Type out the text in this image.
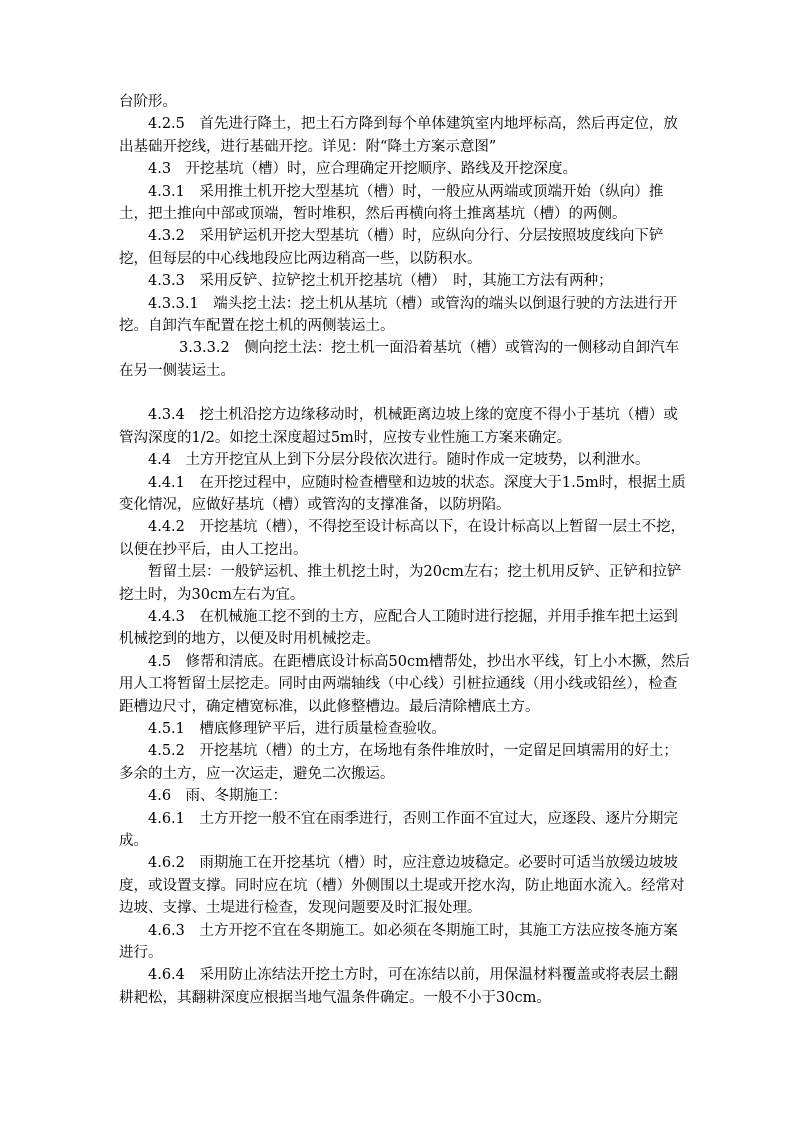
台阶形。

4.2.5　首先进行降土，把土石方降到每个单体建筑室内地坪标高，然后再定位，放出基础开挖线，进行基础开挖。详见：附“降土方案示意图”

4.3　开挖基坑（槽）时，应合理确定开挖顺序、路线及开挖深度。

4.3.1　采用推土机开挖大型基坑（槽）时，一般应从两端或顶端开始（纵向）推土，把土推向中部或顶端，暂时堆积，然后再横向将土推离基坑（槽）的两侧。

4.3.2　采用铲运机开挖大型基坑（槽）时，应纵向分行、分层按照坡度线向下铲挖，但每层的中心线地段应比两边稍高一些，以防积水。

4.3.3　采用反铲、拉铲挖土机开挖基坑（槽）　时，其施工方法有两种；

4.3.3.1　端头挖土法：挖土机从基坑（槽）或管沟的端头以倒退行驶的方法进行开挖。自卸汽车配置在挖土机的两侧装运土。

3.3.3.2　侧向挖土法：挖土机一面沿着基坑（槽）或管沟的一侧移动自卸汽车在另一侧装运土。

4.3.4　挖土机沿挖方边缘移动时，机械距离边坡上缘的宽度不得小于基坑（槽）或管沟深度的1/2。如挖土深度超过5m时，应按专业性施工方案来确定。

4.4　土方开挖宜从上到下分层分段依次进行。随时作成一定坡势，以利泄水。

4.4.1　在开挖过程中，应随时检查槽壁和边坡的状态。深度大于1.5m时，根据土质变化情况，应做好基坑（槽）或管沟的支撑准备，以防坍陷。

4.4.2　开挖基坑（槽），不得挖至设计标高以下，在设计标高以上暂留一层土不挖，以便在抄平后，由人工挖出。

暂留土层：一般铲运机、推土机挖土时，为20cm左右；挖土机用反铲、正铲和拉铲挖土时，为30cm左右为宜。

4.4.3　在机械施工挖不到的土方，应配合人工随时进行挖掘，并用手推车把土运到机械挖到的地方，以便及时用机械挖走。

4.5　修帮和清底。在距槽底设计标高50cm槽帮处，抄出水平线，钉上小木撅，然后用人工将暂留土层挖走。同时由两端轴线（中心线）引桩拉通线（用小线或铅丝），检查距槽边尺寸，确定槽宽标准，以此修整槽边。最后清除槽底土方。

4.5.1　槽底修理铲平后，进行质量检查验收。

4.5.2　开挖基坑（槽）的土方，在场地有条件堆放时，一定留足回填需用的好土；多余的土方，应一次运走，避免二次搬运。

4.6　雨、冬期施工：

4.6.1　土方开挖一般不宜在雨季进行，否则工作面不宜过大，应逐段、逐片分期完成。

4.6.2　雨期施工在开挖基坑（槽）时，应注意边坡稳定。必要时可适当放缓边坡坡度，或设置支撑。同时应在坑（槽）外侧围以土堤或开挖水沟，防止地面水流入。经常对边坡、支撑、土堤进行检查，发现问题要及时汇报处理。

4.6.3　土方开挖不宜在冬期施工。如必须在冬期施工时，其施工方法应按冬施方案进行。

4.6.4　采用防止冻结法开挖土方时，可在冻结以前，用保温材料覆盖或将表层土翻耕耙松，其翻耕深度应根据当地气温条件确定。一般不小于30cm。
